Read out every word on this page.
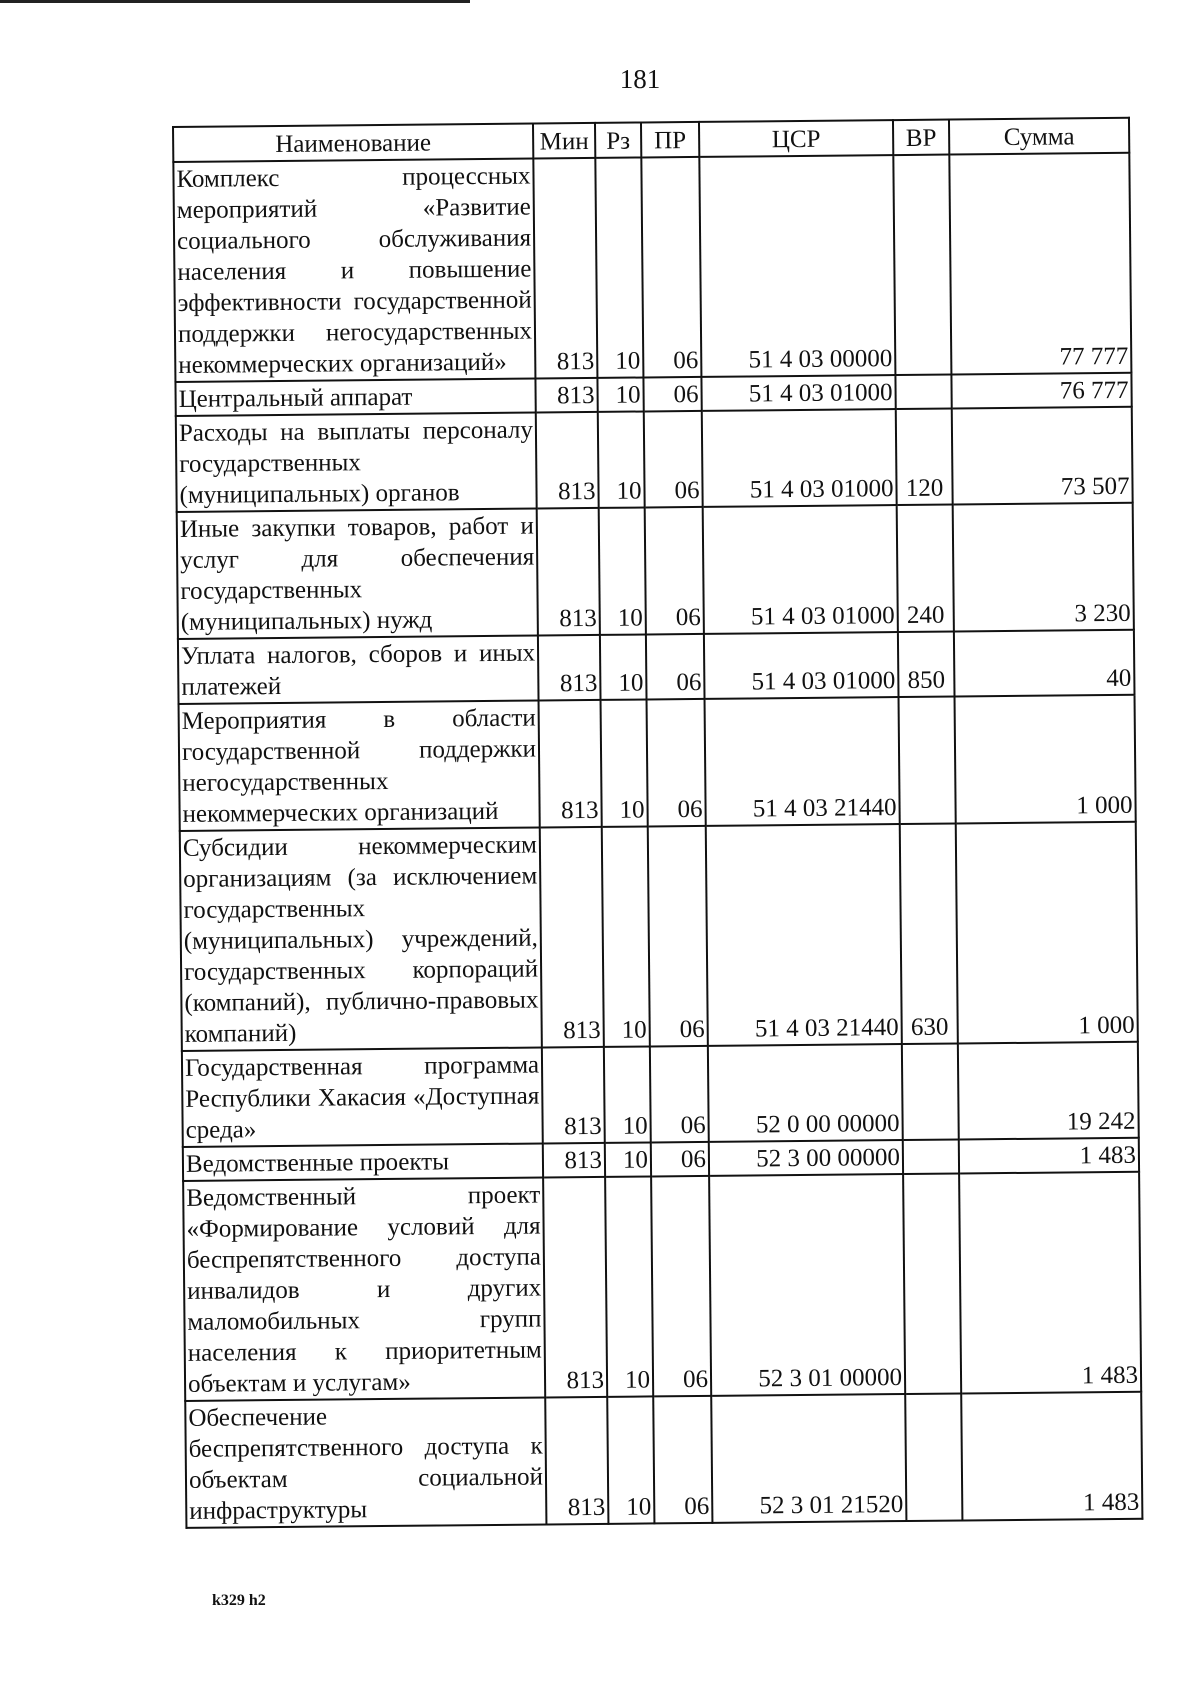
181
Наименование	Мин	Рз	ПР	ЦСР	ВР	Сумма
Комплекс процессных мероприятий «Развитие социального обслуживания населения и повышение эффективности государственной поддержки негосударственных некоммерческих организаций»	813	10	06	51 4 03 00000		77 777
Центральный аппарат	813	10	06	51 4 03 01000		76 777
Расходы на выплаты персоналу государственных (муниципальных) органов	813	10	06	51 4 03 01000	120	73 507
Иные закупки товаров, работ и услуг для обеспечения государственных (муниципальных) нужд	813	10	06	51 4 03 01000	240	3 230
Уплата налогов, сборов и иных платежей	813	10	06	51 4 03 01000	850	40
Мероприятия в области государственной поддержки негосударственных некоммерческих организаций	813	10	06	51 4 03 21440		1 000
Субсидии некоммерческим организациям (за исключением государственных (муниципальных) учреждений, государственных корпораций (компаний), публично-правовых компаний)	813	10	06	51 4 03 21440	630	1 000
Государственная программа Республики Хакасия «Доступная среда»	813	10	06	52 0 00 00000		19 242
Ведомственные проекты	813	10	06	52 3 00 00000		1 483
Ведомственный проект «Формирование условий для беспрепятственного доступа инвалидов и других маломобильных групп населения к приоритетным объектам и услугам»	813	10	06	52 3 01 00000		1 483
Обеспечение беспрепятственного доступа к объектам социальной инфраструктуры	813	10	06	52 3 01 21520		1 483
k329 h2
